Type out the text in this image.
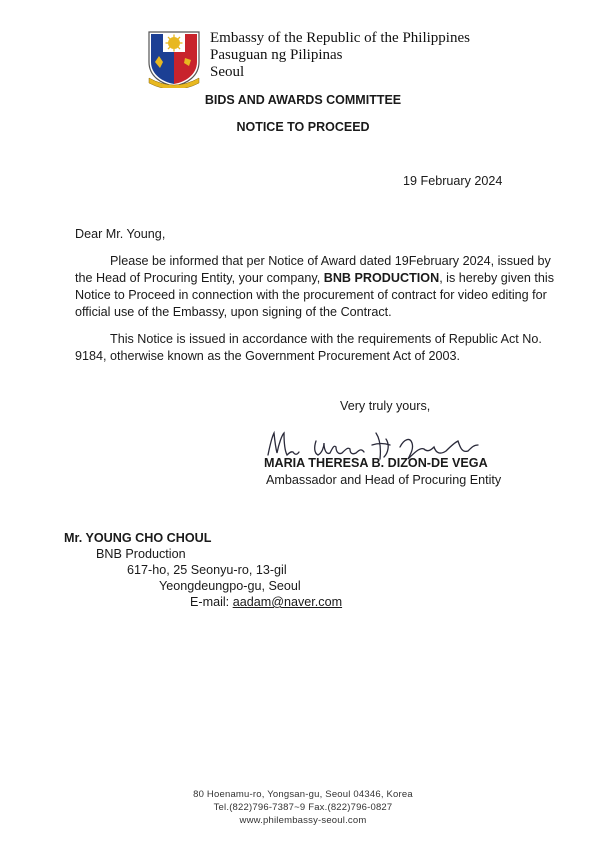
Embassy of the Republic of the Philippines
Pasuguan ng Pilipinas
Seoul
BIDS AND AWARDS COMMITTEE
NOTICE TO PROCEED
19 February 2024
Dear Mr. Young,

Please be informed that per Notice of Award dated 19February 2024, issued by

the Head of Procuring Entity, your company, BNB PRODUCTION, is hereby given this

Notice to Proceed in connection with the procurement of contract for video editing for

official use of the Embassy, upon signing of the Contract.

This Notice is issued in accordance with the requirements of Republic Act No.

9184, otherwise known as the Government Procurement Act of 2003.

Very truly yours,
MARIA THERESA B. DIZON-DE VEGA
Ambassador and Head of Procuring Entity
Mr. YOUNG CHO CHOUL
BNB Production
617-ho, 25 Seonyu-ro, 13-gil
Yeongdeungpo-gu, Seoul
E-mail: aadam@naver.com
80 Hoenamu-ro, Yongsan-gu, Seoul 04346, Korea
Tel.(822)796-7387~9 Fax.(822)796-0827
www.philembassy-seoul.com
